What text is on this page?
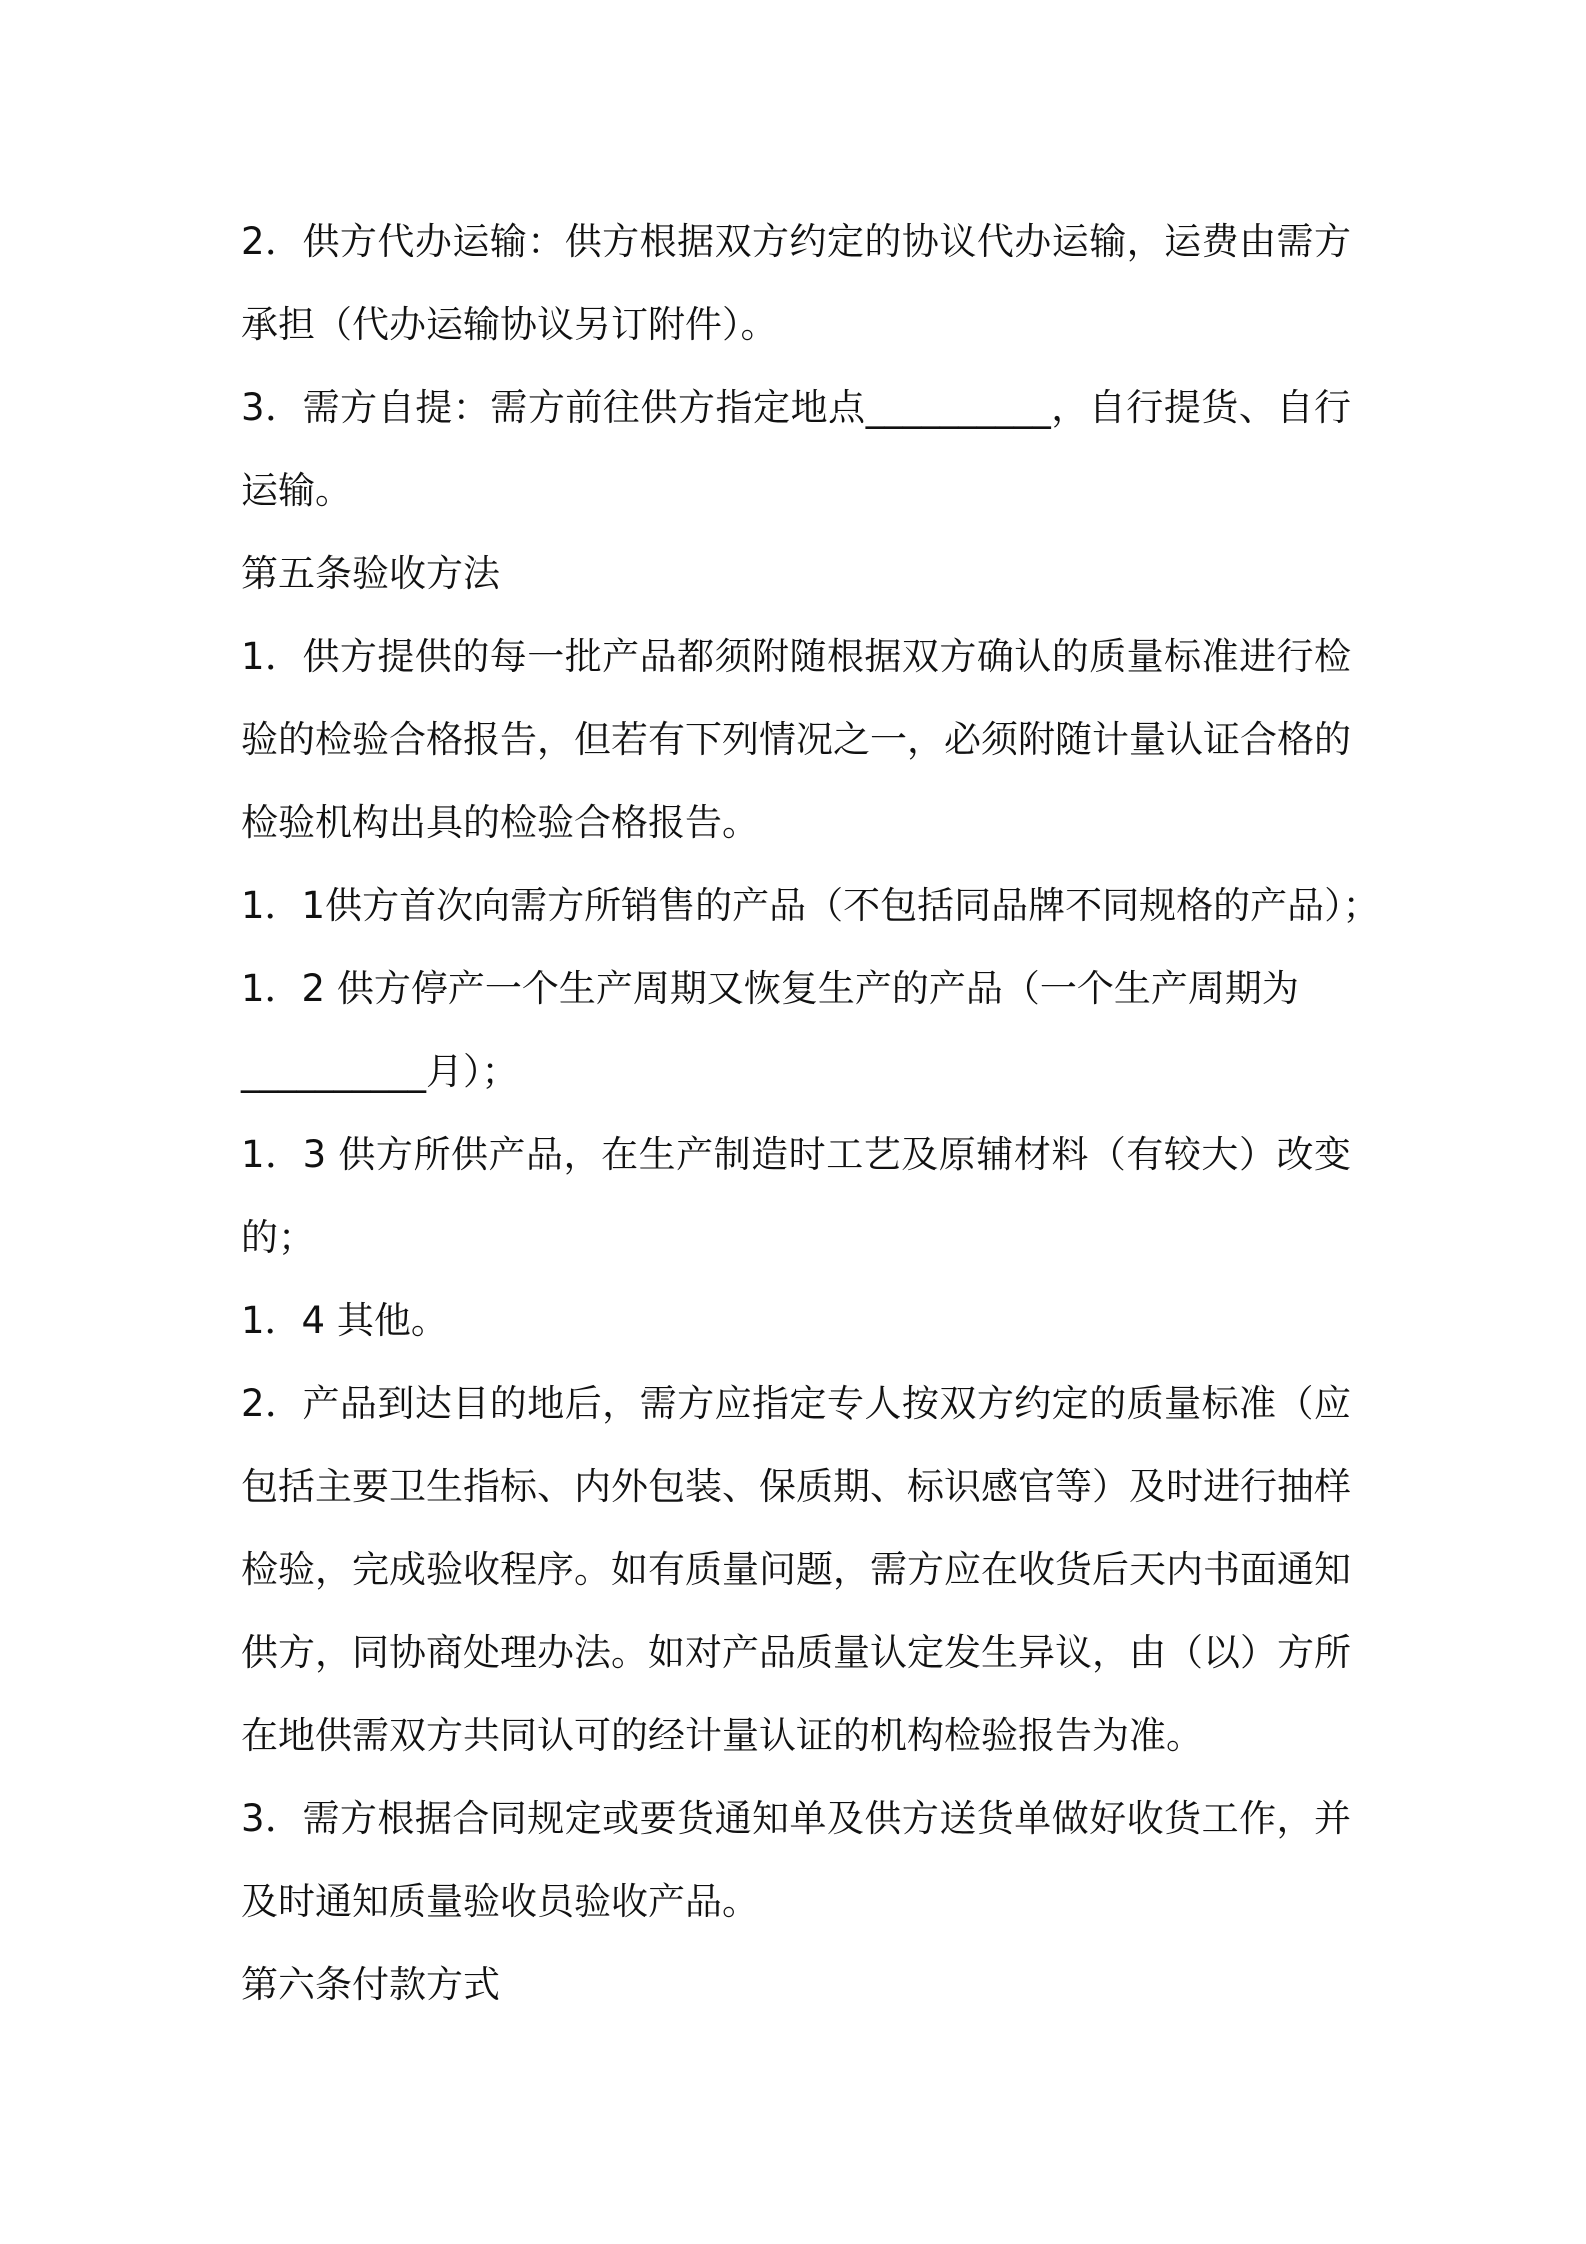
2．供方代办运输：供方根据双方约定的协议代办运输，运费由需方
承担（代办运输协议另订附件）。
3．需方自提：需方前往供方指定地点__________，自行提货、自行
运输。
第五条验收方法
1．供方提供的每一批产品都须附随根据双方确认的质量标准进行检
验的检验合格报告，但若有下列情况之一，必须附随计量认证合格的
检验机构出具的检验合格报告。
1．1供方首次向需方所销售的产品（不包括同品牌不同规格的产品）；
1．2 供方停产一个生产周期又恢复生产的产品（一个生产周期为
__________月）；
1．3 供方所供产品，在生产制造时工艺及原辅材料（有较大）改变
的；
1．4 其他。
2．产品到达目的地后，需方应指定专人按双方约定的质量标准（应
包括主要卫生指标、内外包装、保质期、标识感官等）及时进行抽样
检验，完成验收程序。如有质量问题，需方应在收货后天内书面通知
供方，同协商处理办法。如对产品质量认定发生异议，由（以）方所
在地供需双方共同认可的经计量认证的机构检验报告为准。
3．需方根据合同规定或要货通知单及供方送货单做好收货工作，并
及时通知质量验收员验收产品。
第六条付款方式
